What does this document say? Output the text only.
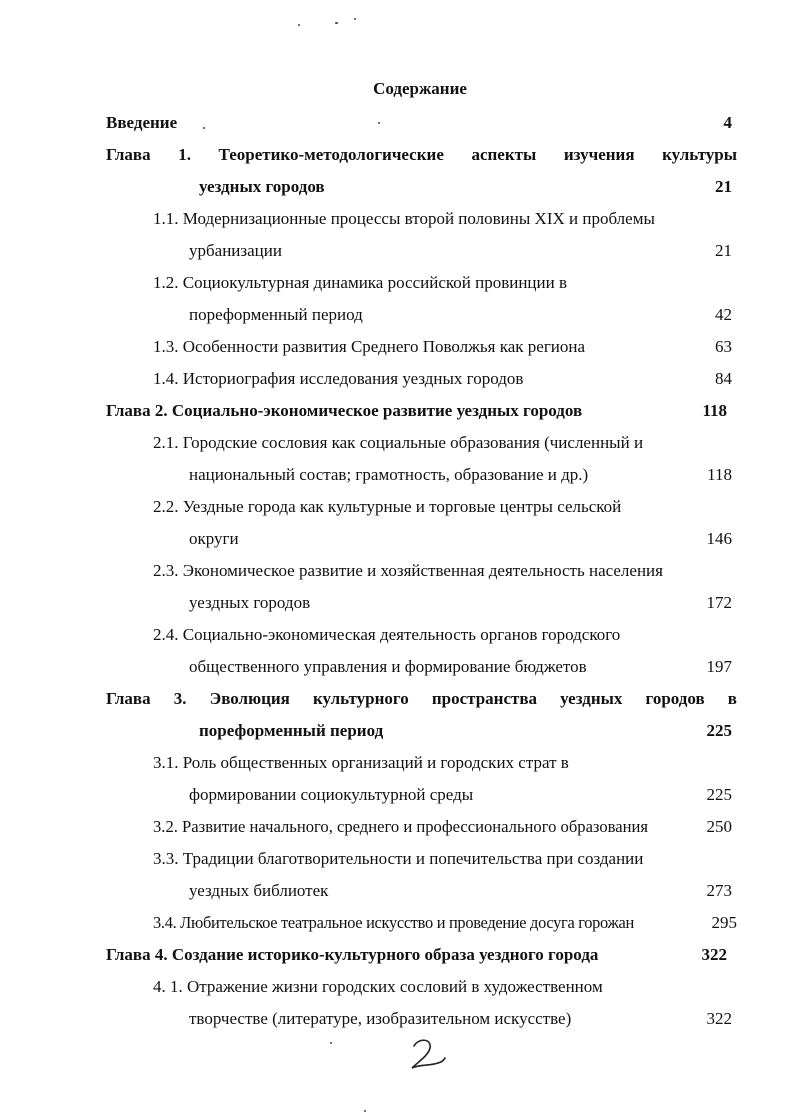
Содержание
Введение	4
Глава 1. Теоретико-методологические аспекты изучения культуры
уездных городов	21
1.1. Модернизационные процессы второй половины XIX и проблемы
урбанизации	21
1.2. Социокультурная динамика российской провинции в
пореформенный период	42
1.3. Особенности развития Среднего Поволжья как региона	63
1.4. Историография исследования уездных городов	84
Глава 2. Социально-экономическое развитие уездных городов	118
2.1. Городские сословия как социальные образования (численный и
национальный состав; грамотность, образование и др.)	118
2.2. Уездные города как культурные и торговые центры сельской
округи	146
2.3. Экономическое развитие и хозяйственная деятельность населения
уездных городов	172
2.4. Социально-экономическая деятельность органов городского
общественного управления и формирование бюджетов	197
Глава 3. Эволюция культурного пространства уездных городов в
пореформенный период	225
3.1. Роль общественных организаций и городских страт в
формировании социокультурной среды	225
3.2. Развитие начального, среднего и профессионального образования	250
3.3. Традиции благотворительности и попечительства при создании
уездных библиотек	273
3.4. Любительское театральное искусство и проведение досуга горожан	295
Глава 4. Создание историко-культурного образа уездного города	322
4. 1. Отражение жизни городских сословий в художественном
творчестве (литературе, изобразительном искусстве)	322
